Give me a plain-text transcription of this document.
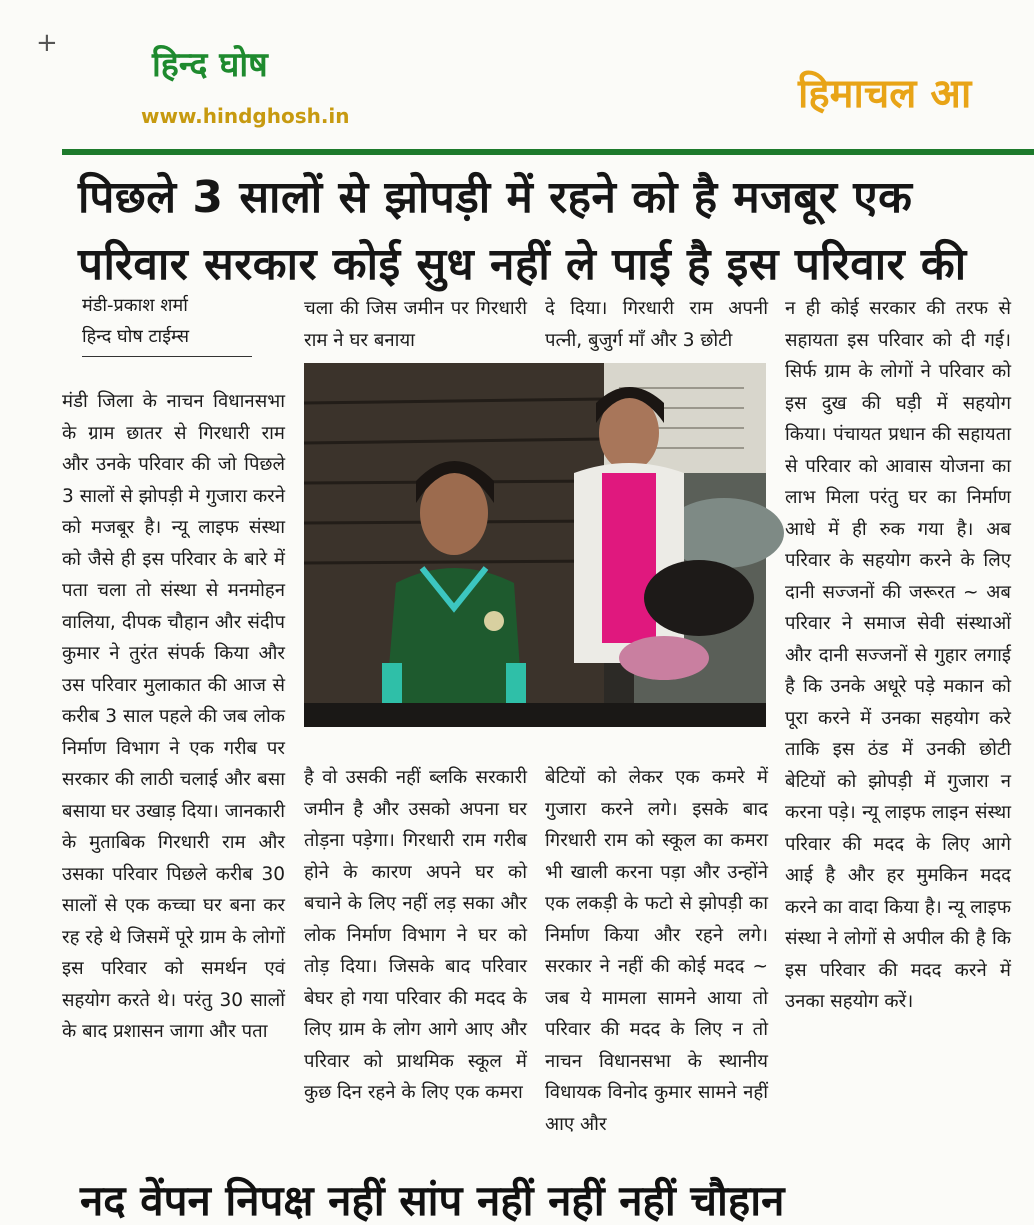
+
हिन्द घोष
www.hindghosh.in	हिमाचल आ
पिछले 3 सालों से झोपड़ी में रहने को है मजबूर एक
परिवार सरकार कोई सुध नहीं ले पाई है इस परिवार की
मंडी-प्रकाश शर्मा
हिन्द घोष टाईम्स

मंडी जिला के नाचन विधानसभा के ग्राम छातर से गिरधारी राम और उनके परिवार की जो पिछले 3 सालों से झोपड़ी मे गुजारा करने को मजबूर है। न्यू लाइफ संस्था को जैसे ही इस परिवार के बारे में पता चला तो संस्था से मनमोहन वालिया, दीपक चौहान और संदीप कुमार ने तुरंत संपर्क किया और उस परिवार मुलाकात की आज से करीब 3 साल पहले की जब लोक निर्माण विभाग ने एक गरीब पर सरकार की लाठी चलाई और बसा बसाया घर उखाड़ दिया। जानकारी के मुताबिक गिरधारी राम और उसका परिवार पिछले करीब 30 सालों से एक कच्चा घर बना कर रह रहे थे जिसमें पूरे ग्राम के लोगों इस परिवार को समर्थन एवं सहयोग करते थे। परंतु 30 सालों के बाद प्रशासन जागा और पता

चला की जिस जमीन पर गिरधारी राम ने घर बनाया

है वो उसकी नहीं ब्लकि सरकारी जमीन है और उसको अपना घर तोड़ना पड़ेगा। गिरधारी राम गरीब होने के कारण अपने घर को बचाने के लिए नहीं लड़ सका और लोक निर्माण विभाग ने घर को तोड़ दिया। जिसके बाद परिवार बेघर हो गया परिवार की मदद के लिए ग्राम के लोग आगे आए और परिवार को प्राथमिक स्कूल में कुछ दिन रहने के लिए एक कमरा

दे दिया। गिरधारी राम अपनी पत्नी, बुजुर्ग माँ और 3 छोटी

बेटियों को लेकर एक कमरे में गुजारा करने लगे। इसके बाद गिरधारी राम को स्कूल का कमरा भी खाली करना पड़ा और उन्होंने एक लकड़ी के फटो से झोपड़ी का निर्माण किया और रहने लगे। सरकार ने नहीं की कोई मदद ~ जब ये मामला सामने आया तो परिवार की मदद के लिए न तो नाचन विधानसभा के स्थानीय विधायक विनोद कुमार सामने नहीं आए और

न ही कोई सरकार की तरफ से सहायता इस परिवार को दी गई। सिर्फ ग्राम के लोगों ने परिवार को इस दुख की घड़ी में सहयोग किया। पंचायत प्रधान की सहायता से परिवार को आवास योजना का लाभ मिला परंतु घर का निर्माण आधे में ही रुक गया है। अब परिवार के सहयोग करने के लिए दानी सज्जनों की जरूरत ~ अब परिवार ने समाज सेवी संस्थाओं और दानी सज्जनों से गुहार लगाई है कि उनके अधूरे पड़े मकान को पूरा करने में उनका सहयोग करे ताकि इस ठंड में उनकी छोटी बेटियों को झोपड़ी में गुजारा न करना पड़े। न्यू लाइफ लाइन संस्था परिवार की मदद के लिए आगे आई है और हर मुमकिन मदद करने का वादा किया है। न्यू लाइफ संस्था ने लोगों से अपील की है कि इस परिवार की मदद करने में उनका सहयोग करें।

नद वेंपन निपक्ष नहीं सांप नहीं नहीं नहीं चौहान
